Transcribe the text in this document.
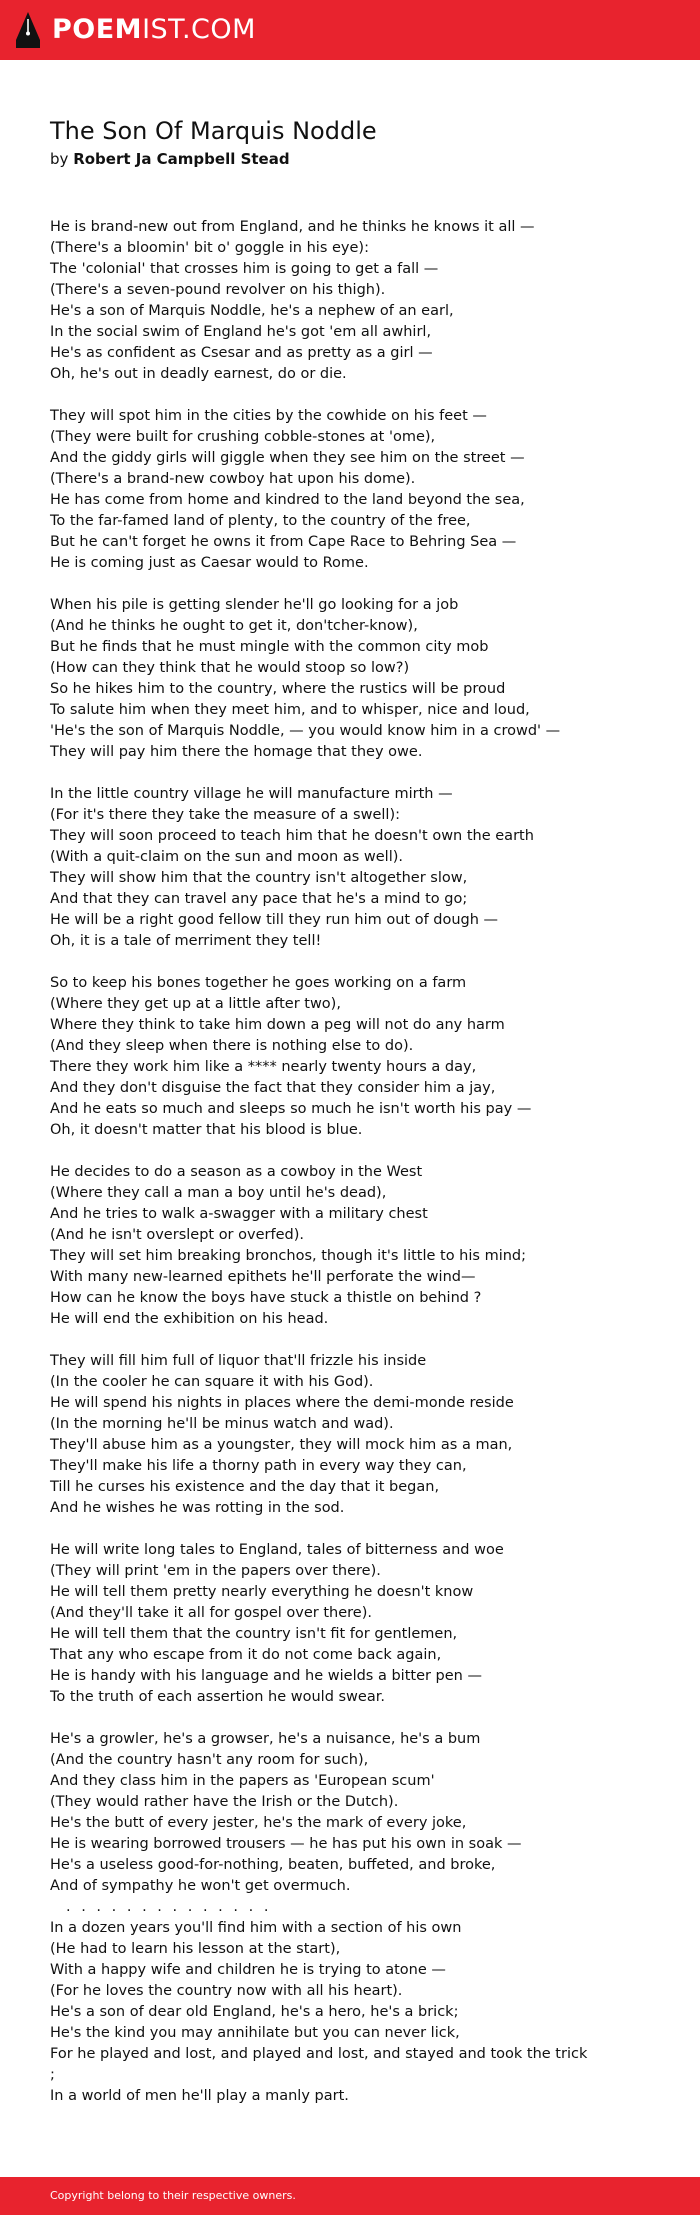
POEMIST.COM
The Son Of Marquis Noddle
by Robert Ja Campbell Stead
He is brand-new out from England, and he thinks he knows it all —
(There's a bloomin' bit o' goggle in his eye):
The 'colonial' that crosses him is going to get a fall —
(There's a seven-pound revolver on his thigh).
He's a son of Marquis Noddle, he's a nephew of an earl,
In the social swim of England he's got 'em all awhirl,
He's as confident as Csesar and as pretty as a girl —
Oh, he's out in deadly earnest, do or die.
They will spot him in the cities by the cowhide on his feet —
(They were built for crushing cobble-stones at 'ome),
And the giddy girls will giggle when they see him on the street —
(There's a brand-new cowboy hat upon his dome).
He has come from home and kindred to the land beyond the sea,
To the far-famed land of plenty, to the country of the free,
But he can't forget he owns it from Cape Race to Behring Sea —
He is coming just as Caesar would to Rome.
When his pile is getting slender he'll go looking for a job
(And he thinks he ought to get it, don'tcher-know),
But he finds that he must mingle with the common city mob
(How can they think that he would stoop so low?)
So he hikes him to the country, where the rustics will be proud
To salute him when they meet him, and to whisper, nice and loud,
'He's the son of Marquis Noddle, — you would know him in a crowd' —
They will pay him there the homage that they owe.
In the little country village he will manufacture mirth —
(For it's there they take the measure of a swell):
They will soon proceed to teach him that he doesn't own the earth
(With a quit-claim on the sun and moon as well).
They will show him that the country isn't altogether slow,
And that they can travel any pace that he's a mind to go;
He will be a right good fellow till they run him out of dough —
Oh, it is a tale of merriment they tell!
So to keep his bones together he goes working on a farm
(Where they get up at a little after two),
Where they think to take him down a peg will not do any harm
(And they sleep when there is nothing else to do).
There they work him like a **** nearly twenty hours a day,
And they don't disguise the fact that they consider him a jay,
And he eats so much and sleeps so much he isn't worth his pay —
Oh, it doesn't matter that his blood is blue.
He decides to do a season as a cowboy in the West
(Where they call a man a boy until he's dead),
And he tries to walk a-swagger with a military chest
(And he isn't overslept or overfed).
They will set him breaking bronchos, though it's little to his mind;
With many new-learned epithets he'll perforate the wind—
How can he know the boys have stuck a thistle on behind ?
He will end the exhibition on his head.
They will fill him full of liquor that'll frizzle his inside
(In the cooler he can square it with his God).
He will spend his nights in places where the demi-monde reside
(In the morning he'll be minus watch and wad).
They'll abuse him as a youngster, they will mock him as a man,
They'll make his life a thorny path in every way they can,
Till he curses his existence and the day that it began,
And he wishes he was rotting in the sod.
He will write long tales to England, tales of bitterness and woe
(They will print 'em in the papers over there).
He will tell them pretty nearly everything he doesn't know
(And they'll take it all for gospel over there).
He will tell them that the country isn't fit for gentlemen,
That any who escape from it do not come back again,
He is handy with his language and he wields a bitter pen —
To the truth of each assertion he would swear.
He's a growler, he's a growser, he's a nuisance, he's a bum
(And the country hasn't any room for such),
And they class him in the papers as 'European scum'
(They would rather have the Irish or the Dutch).
He's the butt of every jester, he's the mark of every joke,
He is wearing borrowed trousers — he has put his own in soak —
He's a useless good-for-nothing, beaten, buffeted, and broke,
And of sympathy he won't get overmuch.
. . . . . . . . . . . . . .
In a dozen years you'll find him with a section of his own
(He had to learn his lesson at the start),
With a happy wife and children he is trying to atone —
(For he loves the country now with all his heart).
He's a son of dear old England, he's a hero, he's a brick;
He's the kind you may annihilate but you can never lick,
For he played and lost, and played and lost, and stayed and took the trick
;
In a world of men he'll play a manly part.
Copyright belong to their respective owners.
